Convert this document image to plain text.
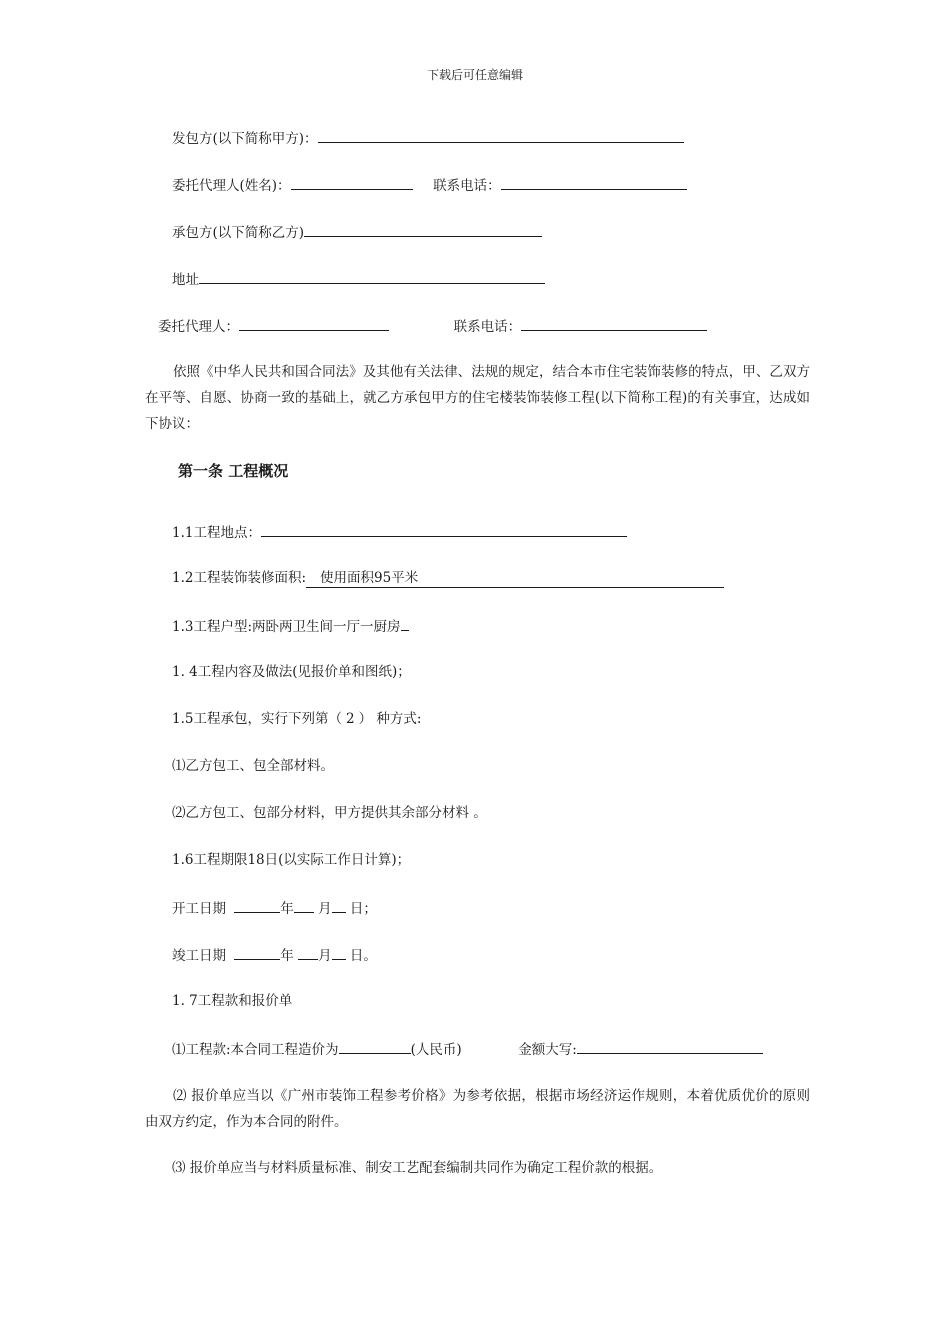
下载后可任意编辑
发包方(以下简称甲方)：
委托代理人(姓名)：	联系电话：
承包方(以下简称乙方)
地址
委托代理人：	联系电话：
依照《中华人民共和国合同法》及其他有关法律、法规的规定，结合本市住宅装饰装修的特点，甲、乙双方在平等、自愿、协商一致的基础上，就乙方承包甲方的住宅楼装饰装修工程(以下简称工程)的有关事宜，达成如下协议：
第一条 工程概况
1.1工程地点：
1.2工程装饰装修面积: 使用面积95平米
1.3工程户型:两卧两卫生间一厅一厨房
1. 4工程内容及做法(见报价单和图纸)；
1.5工程承包，实行下列第（ 2 ） 种方式:
⑴乙方包工、包全部材料。
⑵乙方包工、包部分材料，甲方提供其余部分材料 。
1.6工程期限18日(以实际工作日计算)；
开工日期	年 月 日；
竣工日期	年 月 日。
1. 7工程款和报价单
⑴工程款:本合同工程造价为	(人民币)	金额大写:
⑵ 报价单应当以《广州市装饰工程参考价格》为参考依据，根据市场经济运作规则，本着优质优价的原则由双方约定，作为本合同的附件。
⑶ 报价单应当与材料质量标准、制安工艺配套编制共同作为确定工程价款的根据。
